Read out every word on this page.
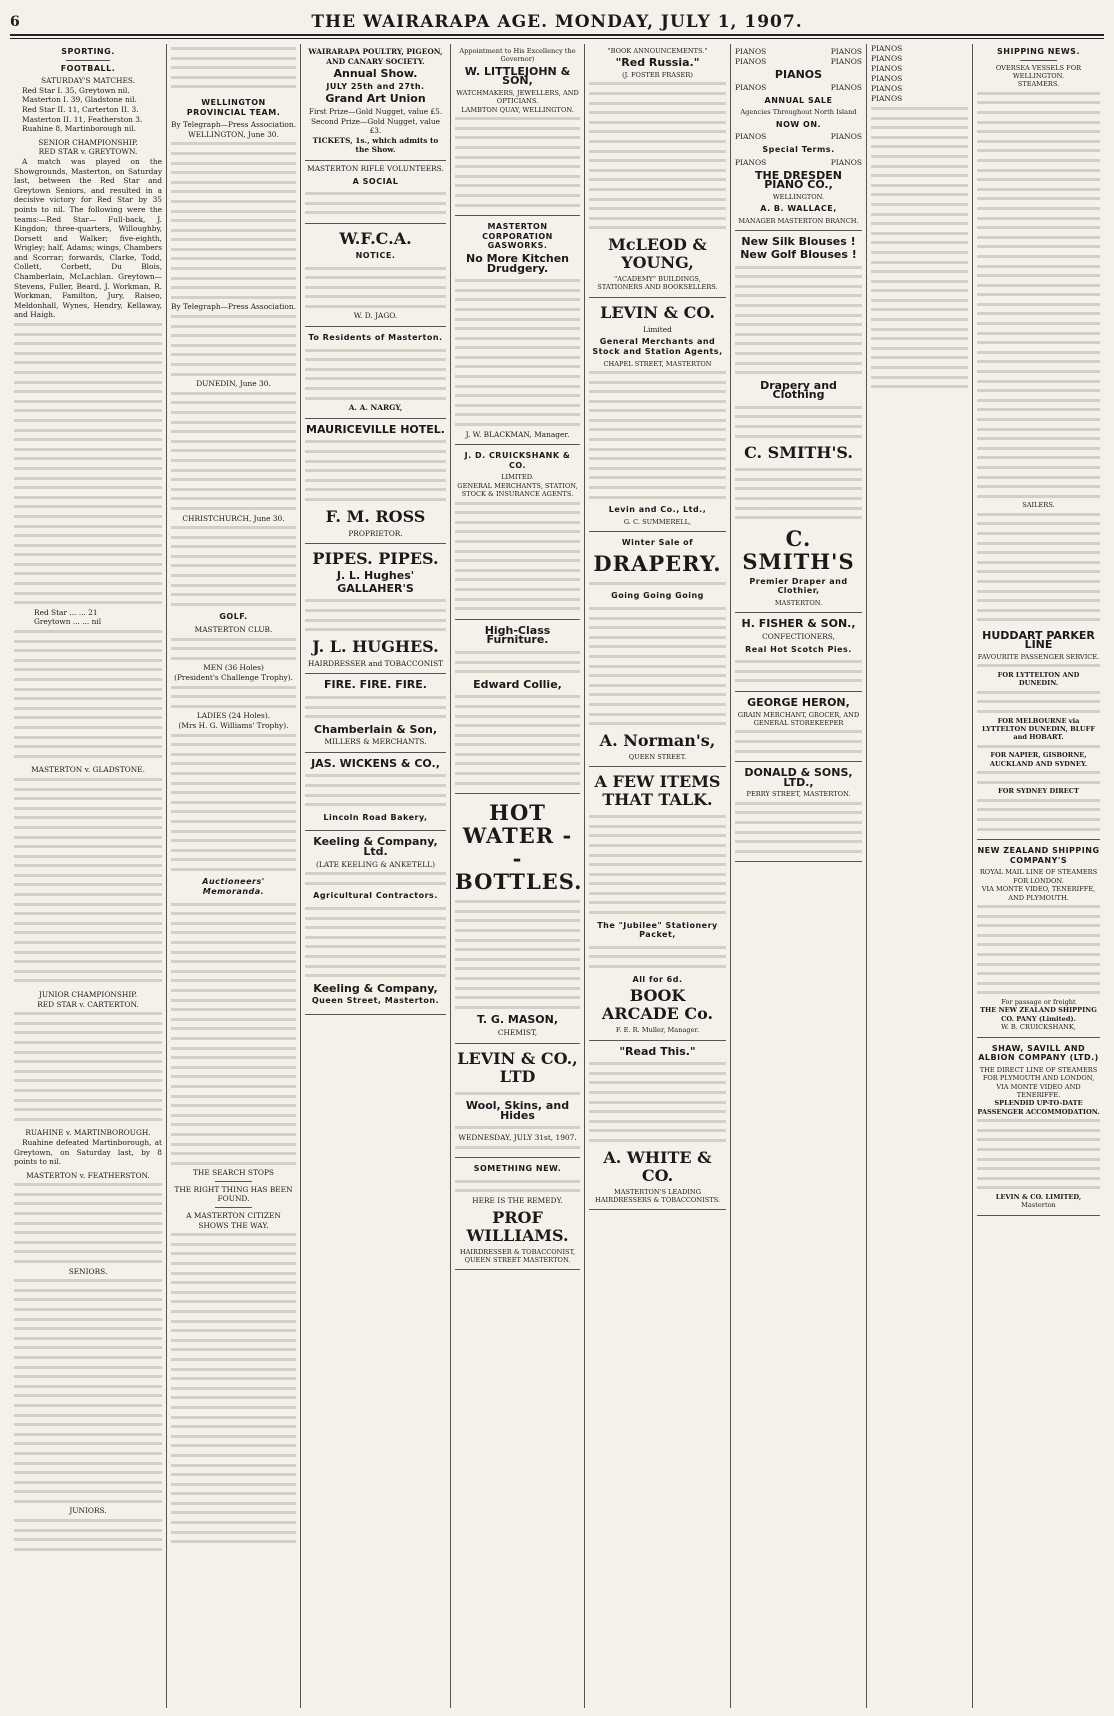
6	THE WAIRARAPA AGE. MONDAY, JULY 1, 1907.
SPORTING.
FOOTBALL.
SATURDAY'S MATCHES.
Red Star I. 35, Greytown nil.
Masterton I. 39, Gladstone nil.
Red Star II. 11, Carterton II. 3.
Masterton II. 11, Featherston 3.
Ruahine 8, Martinborough nil.
SENIOR CHAMPIONSHIP.
RED STAR v. GREYTOWN.
A match was played on the Showgrounds, Masterton, on Saturday last, between the Red Star and Greytown Seniors, and resulted in a decisive victory for Red Star by 35 points to nil. The following were the teams:—Red Star— Full-back, J. Kingdon; three-quarters, Willoughby, Dorsett and Walker; five-eighth, Wrigley; half, Adams; wings, Chambers and Scorrar; forwards, Clarke, Todd, Collett, Corbett, Du Blois, Chamberlain, McLachlan. Greytown—Stevens, Fuller, Beard, J. Workman, R. Workman, Familton, Jury, Raiseo, Meldonhall, Wynes, Hendry, Kellaway, and Haigh.
Red Star ... ... 21
Greytown ... ... nil
MASTERTON v. GLADSTONE.
JUNIOR CHAMPIONSHIP.
RED STAR v. CARTERTON.
RUAHINE v. MARTINBOROUGH.
Ruahine defeated Martinborough, at Greytown, on Saturday last, by 8 points to nil.
MASTERTON v. FEATHERSTON.
SENIORS.
JUNIORS.
WELLINGTON PROVINCIAL TEAM.
By Telegraph—Press Association.
WELLINGTON, June 30.
By Telegraph—Press Association.
DUNEDIN, June 30.
CHRISTCHURCH, June 30.
GOLF.
MASTERTON CLUB.
MEN (36 Holes)
(President's Challenge Trophy).
LADIES (24 Holes).
(Mrs H. G. Williams' Trophy).
Auctioneers' Memoranda.
THE SEARCH STOPS
THE RIGHT THING HAS BEEN FOUND.
A MASTERTON CITIZEN SHOWS THE WAY.
WAIRARAPA POULTRY, PIGEON, AND CANARY SOCIETY.
Annual Show.
JULY 25th and 27th.
Grand Art Union
First Prize—Gold Nugget, value £5. Second Prize—Gold Nugget, value £3.
TICKETS, 1s., which admits to the Show.
MASTERTON RIFLE VOLUNTEERS.
A SOCIAL
W.F.C.A.
NOTICE.
W. D. JAGO.
To Residents of Masterton.
A. A. NARGY,
MAURICEVILLE HOTEL.
F. M. ROSS
PROPRIETOR.
PIPES. PIPES.
J. L. Hughes'
GALLAHER'S
J. L. HUGHES.
HAIRDRESSER and TOBACCONIST
FIRE. FIRE. FIRE.
Chamberlain & Son,
MILLERS & MERCHANTS.
JAS. WICKENS & CO.,
Lincoln Road Bakery,
Keeling & Company, Ltd.
(LATE KEELING & ANKETELL)
Agricultural Contractors.
Keeling & Company,
Queen Street, Masterton.
Appointment to His Excellency the Governor)
W. LITTLEJOHN & SON,
WATCHMAKERS, JEWELLERS, AND OPTICIANS.
LAMBTON QUAY, WELLINGTON.
MASTERTON CORPORATION GASWORKS.
No More Kitchen Drudgery.
J. W. BLACKMAN, Manager.
J. D. CRUICKSHANK & CO.
LIMITED.
GENERAL MERCHANTS, STATION, STOCK & INSURANCE AGENTS.
High-Class Furniture.
Edward Collie,
HOT WATER - - BOTTLES.
T. G. MASON,
CHEMIST,
LEVIN & CO., LTD
Wool, Skins, and Hides
WEDNESDAY, JULY 31st, 1907.
SOMETHING NEW.
HERE IS THE REMEDY.
PROF WILLIAMS.
HAIRDRESSER & TOBACCONIST,
QUEEN STREET MASTERTON.
"BOOK ANNOUNCEMENTS."
"Red Russia."
(J. FOSTER FRASER)
McLEOD & YOUNG,
"ACADEMY" BUILDINGS,
STATIONERS AND BOOKSELLERS.
LEVIN & CO.
Limited
General Merchants and Stock and Station Agents,
CHAPEL STREET, MASTERTON
Levin and Co., Ltd.,
G. C. SUMMERELL,
Winter Sale of
DRAPERY.
Going Going Going
A. Norman's,
QUEEN STREET.
A FEW ITEMS THAT TALK.
The "Jubilee" Stationery Packet,
All for 6d.
BOOK ARCADE Co.
F. E. R. Muller, Manager.
"Read This."
A. WHITE & CO.
MASTERTON'S LEADING HAIRDRESSERS & TOBACCONISTS.
PIANOS	PIANOS
PIANOS	PIANOS
PIANOS
PIANOS	PIANOS
ANNUAL SALE
Agencies Throughout North Island
NOW ON.
PIANOS	PIANOS
Special Terms.
PIANOS	PIANOS
THE DRESDEN PIANO CO.,
WELLINGTON.
A. B. WALLACE,
MANAGER MASTERTON BRANCH.
New Silk Blouses !
New Golf Blouses !
Drapery and Clothing
C. SMITH'S.
C. SMITH'S
Premier Draper and Clothier,
MASTERTON.
H. FISHER & SON.,
CONFECTIONERS,
Real Hot Scotch Pies.
GEORGE HERON,
GRAIN MERCHANT, GROCER, AND GENERAL STOREKEEPER
DONALD & SONS, LTD.,
PERRY STREET, MASTERTON.
PIANOS
PIANOS
PIANOS
PIANOS
PIANOS
PIANOS
SHIPPING NEWS.
OVERSEA VESSELS FOR WELLINGTON.
STEAMERS.
SAILERS.
HUDDART PARKER LINE
FAVOURITE PASSENGER SERVICE.
FOR LYTTELTON AND DUNEDIN.
FOR MELBOURNE via LYTTELTON DUNEDIN, BLUFF and HOBART.
FOR NAPIER, GISBORNE, AUCKLAND AND SYDNEY.
FOR SYDNEY DIRECT
NEW ZEALAND SHIPPING COMPANY'S
ROYAL MAIL LINE OF STEAMERS FOR LONDON.
VIA MONTE VIDEO, TENERIFFE, AND PLYMOUTH.
For passage or freight
THE NEW ZEALAND SHIPPING CO. PANY (Limited).
W. B. CRUICKSHANK,
SHAW, SAVILL AND ALBION COMPANY (LTD.)
THE DIRECT LINE OF STEAMERS FOR PLYMOUTH AND LONDON, VIA MONTE VIDEO AND TENERIFFE.
SPLENDID UP-TO-DATE PASSENGER ACCOMMODATION.
LEVIN & CO. LIMITED,
Masterton
